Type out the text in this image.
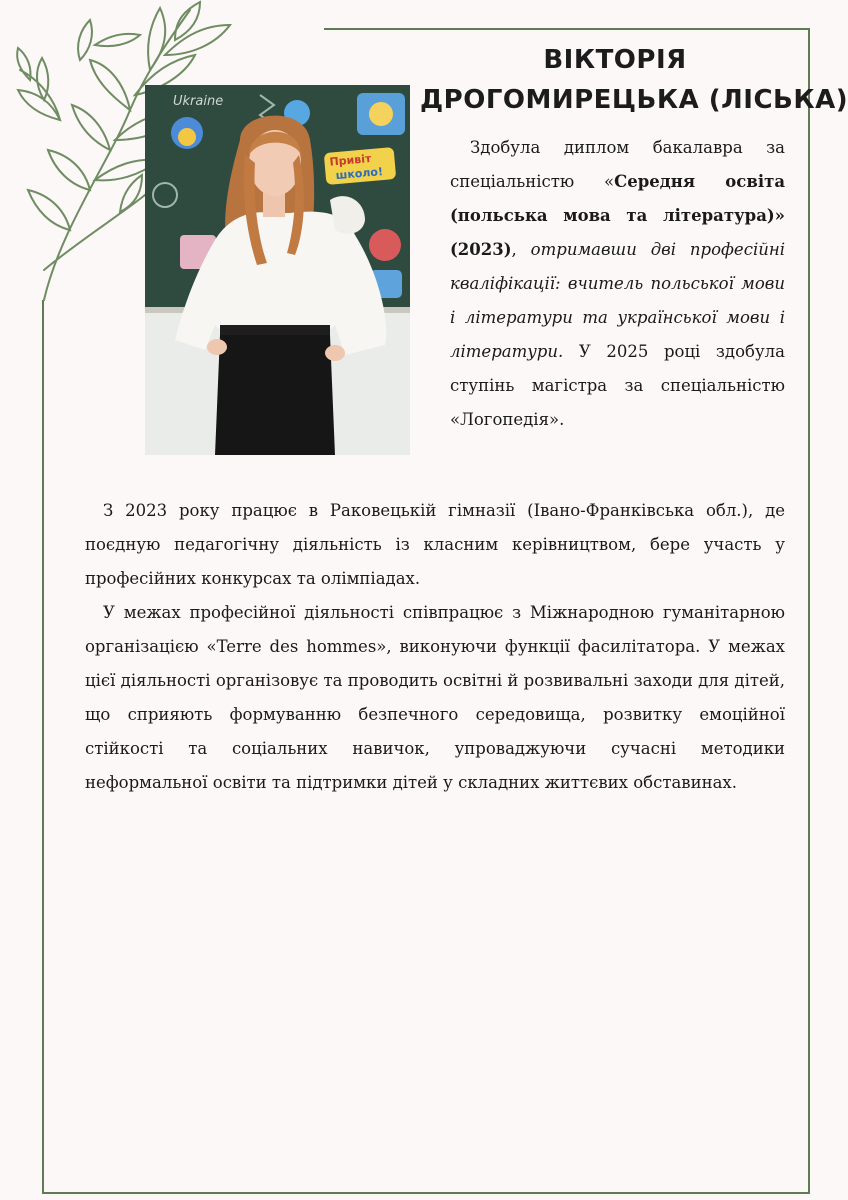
ВІКТОРІЯ
ДРОГОМИРЕЦЬКА (ЛІСЬКА)
Ukraine
Привіт
школо!

Здобула диплом бакалавра за спеціальністю «Середня освіта (польська мова та література)» (2023), отримавши дві професійні кваліфікації: вчитель польської мови і літератури та української мови і літератури. У 2025 році здобула ступінь магістра за спеціальністю «Логопедія».

З 2023 року працює в Раковецькій гімназії (Івано-Франківська обл.), де поєдную педагогічну діяльність із класним керівництвом, бере участь у професійних конкурсах та олімпіадах.

У межах професійної діяльності співпрацює з Міжнародною гуманітарною організацією «Terre des hommes», виконуючи функції фасилітатора. У межах цієї діяльності організовує та проводить освітні й розвивальні заходи для дітей, що сприяють формуванню безпечного середовища, розвитку емоційної стійкості та соціальних навичок, упроваджуючи сучасні методики неформальної освіти та підтримки дітей у складних життєвих обставинах.
